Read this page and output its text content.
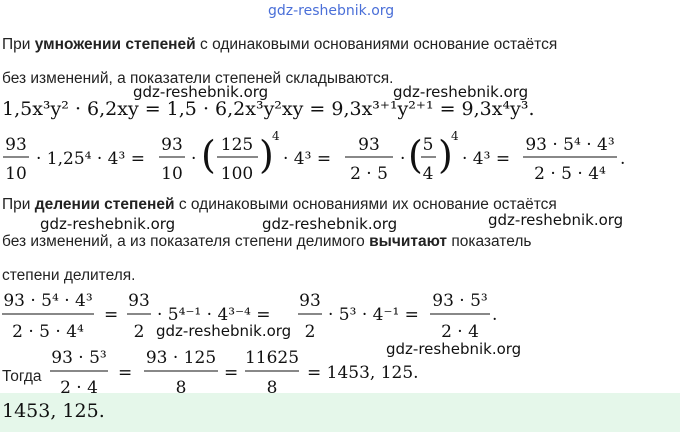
gdz-reshebnik.org
При умножении степеней с одинаковыми основаниями основание остаётся
без изменений, а показатели степеней складываются.
1,5x³y² · 6,2xy = 1,5 · 6,2x³y²xy = 9,3x³⁺¹y²⁺¹ = 9,3x⁴y³.
gdz-reshebnik.org	gdz-reshebnik.org
93
10
· 1,25⁴ · 4³ =
93
10
· ( 125
100 )
4
· 4³ =
93
2 · 5
· ( 5
4 )
4
· 4³ =
93 · 5⁴ · 4³
2 · 5 · 4⁴
.
При делении степеней с одинаковыми основаниями их основание остаётся
gdz-reshebnik.org	gdz-reshebnik.org	gdz-reshebnik.org
без изменений, а из показателя степени делимого вычитают показатель
степени делителя.
93 · 5⁴ · 4³
2 · 5 · 4⁴
=
93
2
· 5⁴⁻¹ · 4³⁻⁴ =
93
2
· 5³ · 4⁻¹ =
93 · 5³
2 · 4
.
gdz-reshebnik.org
gdz-reshebnik.org
Тогда
93 · 5³
2 · 4
=
93 · 125
8
=
11625
8
= 1453, 125.
1453, 125.
